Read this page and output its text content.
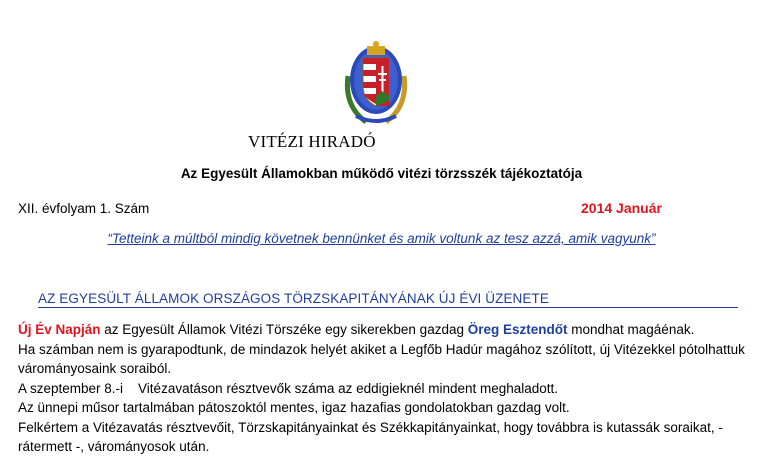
VITÉZI HIRADÓ
Az Egyesült Államokban működő vitézi törzsszék tájékoztatója
XII. évfolyam 1. Szám	2014 Január
“Tetteink a múltból mindig követnek bennünket és amik voltunk az tesz azzá, amik vagyunk”
AZ EGYESÜLT ÁLLAMOK ORSZÁGOS TÖRZSKAPITÁNYÁNAK ÚJ ÉVI ÜZENETE

Új Év Napján az Egyesült Államok Vitézi Törszéke egy sikerekben gazdag Öreg Esztendőt mondhat magáénak.

Ha számban nem is gyarapodtunk, de mindazok helyét akiket a Legfőb Hadúr magához szólított, új Vitézekkel pótolhattuk várományosaink soraiból.

A szeptember 8.-i    Vitézavatáson résztvevők száma az eddigieknél mindent meghaladott.

Az ünnepi műsor tartalmában pátoszoktól mentes, igaz hazafias gondolatokban gazdag volt.

Felkértem a Vitézavatás résztvevőit, Törzskapitányainkat és Székkapitányainkat, hogy továbbra is kutassák soraikat, - rátermett -, várományosok után.
